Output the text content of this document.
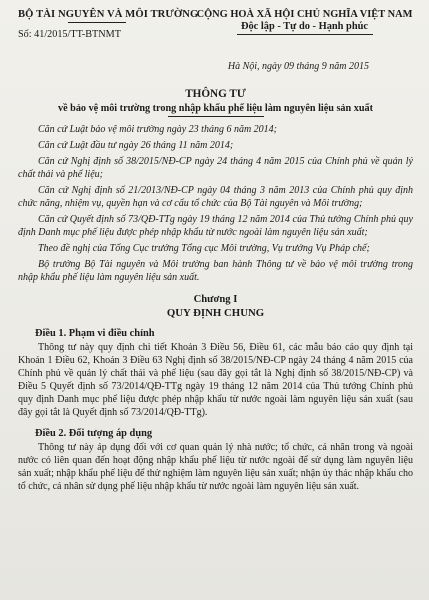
BỘ TÀI NGUYÊN VÀ MÔI TRƯỜNG
Số: 41/2015/TT-BTNMT
CỘNG HOÀ XÃ HỘI CHỦ NGHĨA VIỆT NAM
Độc lập - Tự do - Hạnh phúc
Hà Nội, ngày 09 tháng 9 năm 2015
THÔNG TƯ
về bảo vệ môi trường trong nhập khẩu phế liệu làm nguyên liệu sản xuất

Căn cứ Luật bảo vệ môi trường ngày 23 tháng 6 năm 2014;

Căn cứ Luật đầu tư ngày 26 tháng 11 năm 2014;

Căn cứ Nghị định số 38/2015/NĐ-CP ngày 24 tháng 4 năm 2015 của Chính phủ về quản lý chất thải và phế liệu;

Căn cứ Nghị định số 21/2013/NĐ-CP ngày 04 tháng 3 năm 2013 của Chính phủ quy định chức năng, nhiệm vụ, quyền hạn và cơ cấu tổ chức của Bộ Tài nguyên và Môi trường;

Căn cứ Quyết định số 73/QĐ-TTg ngày 19 tháng 12 năm 2014 của Thủ tướng Chính phủ quy định Danh mục phế liệu được phép nhập khẩu từ nước ngoài làm nguyên liệu sản xuất;

Theo đề nghị của Tổng Cục trưởng Tổng cục Môi trường, Vụ trưởng Vụ Pháp chế;

Bộ trưởng Bộ Tài nguyên và Môi trường ban hành Thông tư về bảo vệ môi trường trong nhập khẩu phế liệu làm nguyên liệu sản xuất.

Chương I
QUY ĐỊNH CHUNG
Điều 1. Phạm vi điều chỉnh

Thông tư này quy định chi tiết Khoản 3 Điều 56, Điều 61, các mẫu báo cáo quy định tại Khoản 1 Điều 62, Khoản 3 Điều 63 Nghị định số 38/2015/NĐ-CP ngày 24 tháng 4 năm 2015 của Chính phủ về quản lý chất thải và phế liệu (sau đây gọi tắt là Nghị định số 38/2015/NĐ-CP) và Điều 5 Quyết định số 73/2014/QĐ-TTg ngày 19 tháng 12 năm 2014 của Thủ tướng Chính phủ quy định Danh mục phế liệu được phép nhập khẩu từ nước ngoài làm nguyên liệu sản xuất (sau đây gọi tắt là Quyết định số 73/2014/QĐ-TTg).

Điều 2. Đối tượng áp dụng

Thông tư này áp dụng đối với cơ quan quản lý nhà nước; tổ chức, cá nhân trong và ngoài nước có liên quan đến hoạt động nhập khẩu phế liệu từ nước ngoài để sử dụng làm nguyên liệu sản xuất; nhập khẩu phế liệu để thử nghiệm làm nguyên liệu sản xuất; nhận ủy thác nhập khẩu cho tổ chức, cá nhân sử dụng phế liệu nhập khẩu từ nước ngoài làm nguyên liệu sản xuất.
